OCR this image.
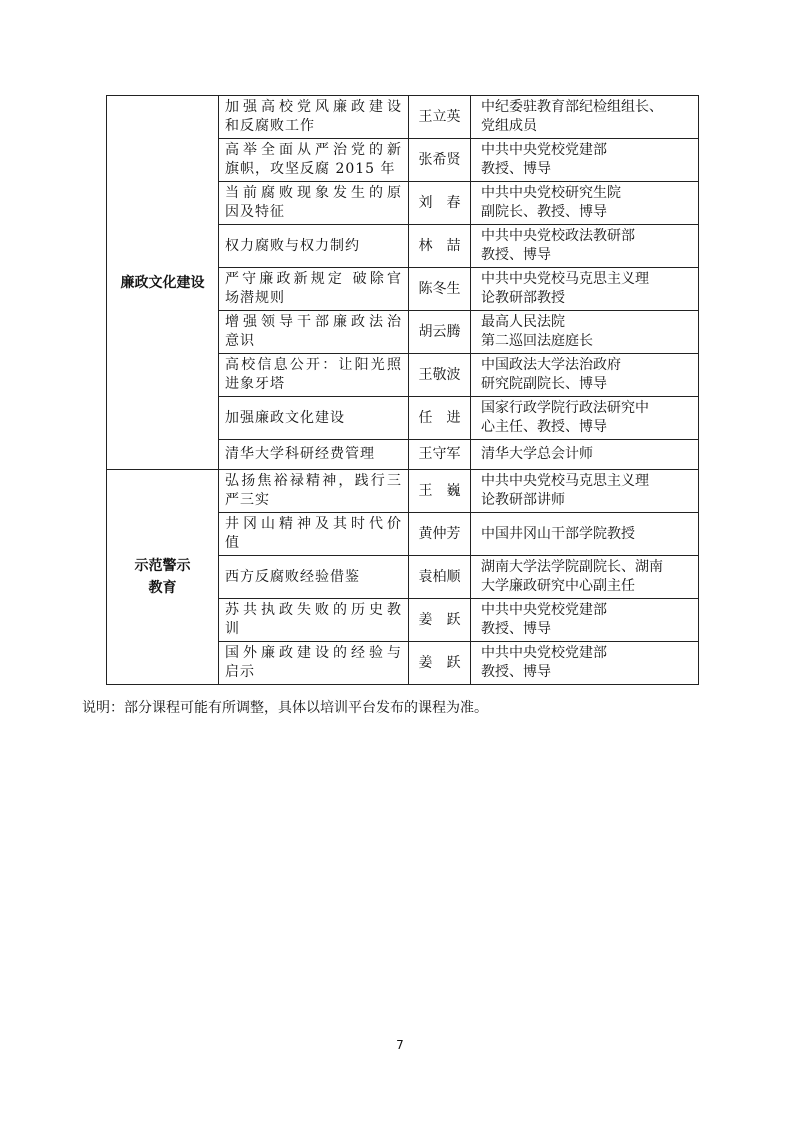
廉政文化建设	加强高校党风廉政建设
和反腐败工作	王立英	中纪委驻教育部纪检组组长、
党组成员

	高举全面从严治党的新
旗帜，攻坚反腐 2015 年	张希贤	中共中央党校党建部
教授、博导

	当前腐败现象发生的原
因及特征	刘　春	中共中央党校研究生院
副院长、教授、博导

	权力腐败与权力制约	林　喆	中共中央党校政法教研部
教授、博导

	严守廉政新规定 破除官
场潜规则	陈冬生	中共中央党校马克思主义理
论教研部教授

	增强领导干部廉政法治
意识	胡云腾	最高人民法院
第二巡回法庭庭长

	高校信息公开：让阳光照
进象牙塔	王敬波	中国政法大学法治政府
研究院副院长、博导

	加强廉政文化建设	任　进	国家行政学院行政法研究中
心主任、教授、博导

	清华大学科研经费管理	王守军	清华大学总会计师

示范警示
教育	弘扬焦裕禄精神，践行三
严三实	王　巍	中共中央党校马克思主义理
论教研部讲师

	井冈山精神及其时代价
值	黄仲芳	中国井冈山干部学院教授

	西方反腐败经验借鉴	袁柏顺	湖南大学法学院副院长、湖南
大学廉政研究中心副主任

	苏共执政失败的历史教
训	姜　跃	中共中央党校党建部
教授、博导

	国外廉政建设的经验与
启示	姜　跃	中共中央党校党建部
教授、博导
说明：部分课程可能有所调整，具体以培训平台发布的课程为准。
7
